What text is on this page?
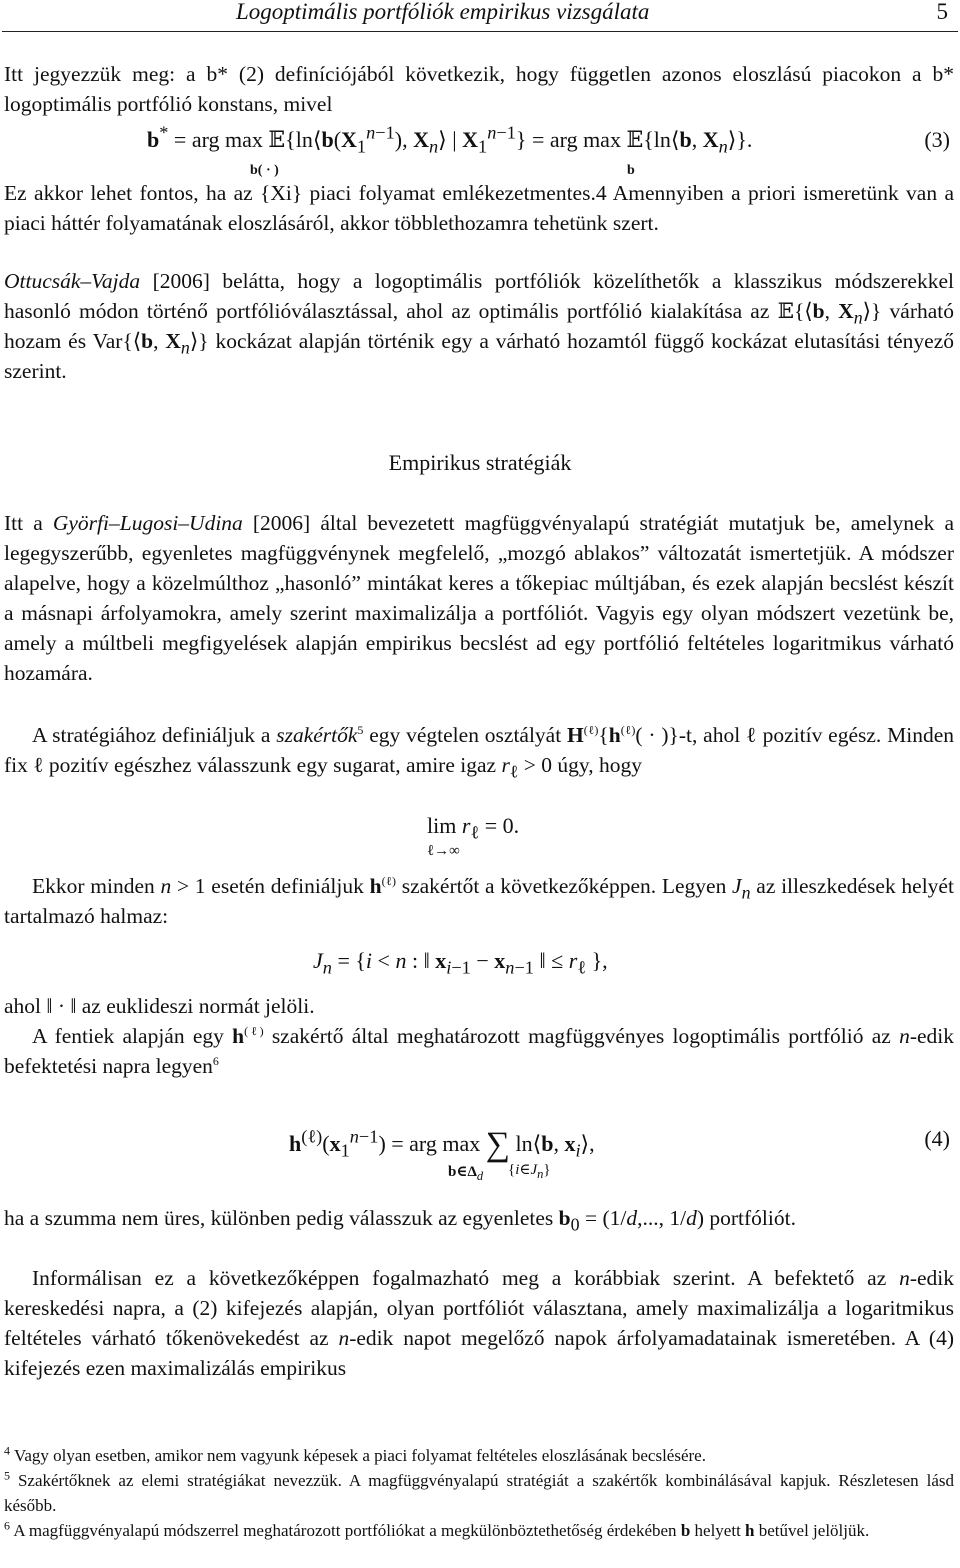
Logoptimális portfóliók empirikus vizsgálata	5
Itt jegyezzük meg: a b* (2) definíciójából következik, hogy független azonos eloszlású piacokon a b* logoptimális portfólió konstans, mivel
b* = arg $\max 𝔼\{\ln⟨b(X_1^{n-1})$, $X_n⟩$ | $X_1^{n-1}$} = arg max 𝔼{ln⟨b, $X_n⟩$}.
b( · )	b
(3)
Ez akkor lehet fontos, ha az {Xi} piaci folyamat emlékezetmentes.4 Amennyiben a priori ismeretünk van a piaci háttér folyamatának eloszlásáról, akkor többlethozamra tehetünk szert.
Ottucsák–Vajda [2006] belátta, hogy a logoptimális portfóliók közelíthetők a klasszikus módszerekkel hasonló módon történő portfólióválasztással, ahol az optimális portfólió kialakítása az 𝔼{⟨b, $X_n⟩$} várható hozam és Var{⟨b, $X_n⟩$} kockázat alapján történik egy a várható hozamtól függő kockázat elutasítási tényező szerint.
Empirikus stratégiák
Itt a Györfi–Lugosi–Udina [2006] által bevezetett magfüggvényalapú stratégiát mutatjuk be, amelynek a legegyszerűbb, egyenletes magfüggvénynek megfelelő, „mozgó ablakos” változatát ismertetjük. A módszer alapelve, hogy a közelmúlthoz „hasonló” mintákat keres a tőkepiac múltjában, és ezek alapján becslést készít a másnapi árfolyamokra, amely szerint maximalizálja a portfóliót. Vagyis egy olyan módszert vezetünk be, amely a múltbeli megfigyelések alapján empirikus becslést ad egy portfólió feltételes logaritmikus várható hozamára.
A stratégiához definiáljuk a szakértők$^5$ egy végtelen osztályát $H^{(\ell)}\{h^{(\ell)}( \cdot )\}-t$, ahol ℓ pozitív egész. Minden fix ℓ pozitív egészhez válasszunk egy sugarat, amire igaz $r_\ell > 0$ úgy, hogy
$\lim r_\ell = 0$.
ℓ→∞
Ekkor minden n > 1 esetén definiáljuk $h^{(\ell)}$ szakértőt a következőképpen. Legyen $J_n$ az illeszkedések helyét tartalmazó halmaz:
$J_n = \{i < n$ : ‖ $x_{i-1} - x_{n-1}$ ‖ ≤ $r_\ell$ },
ahol ‖ · ‖ az euklideszi normát jelöli.
A fentiek alapján egy $h^{(\ell)}$ szakértő által meghatározott magfüggvényes logoptimális portfólió az n-edik befektetési napra legyen$^6$
$h^{(\ell)}(x_1^{n-1})$ = arg max ∑ ln⟨b, $x_i⟩$,
$b\in\Delta_d$ $\{i\in J_n\}$
(4)
ha a szumma nem üres, különben pedig válasszuk az egyenletes $b_0 = (1/d$,..., 1/d) portfóliót.
Informálisan ez a következőképpen fogalmazható meg a korábbiak szerint. A befektető az n-edik kereskedési napra, a (2) kifejezés alapján, olyan portfóliót választana, amely maximalizálja a logaritmikus feltételes várható tőkenövekedést az n-edik napot megelőző napok árfolyamadatainak ismeretében. A (4) kifejezés ezen maximalizálás empirikus
$^4$ Vagy olyan esetben, amikor nem vagyunk képesek a piaci folyamat feltételes eloszlásának becslésére.
$^5$ Szakértőknek az elemi stratégiákat nevezzük. A magfüggvényalapú stratégiát a szakértők kombinálásával kapjuk. Részletesen lásd később.
$^6$ A magfüggvényalapú módszerrel meghatározott portfóliókat a megkülönböztethetőség érdekében b helyett h betűvel jelöljük.
